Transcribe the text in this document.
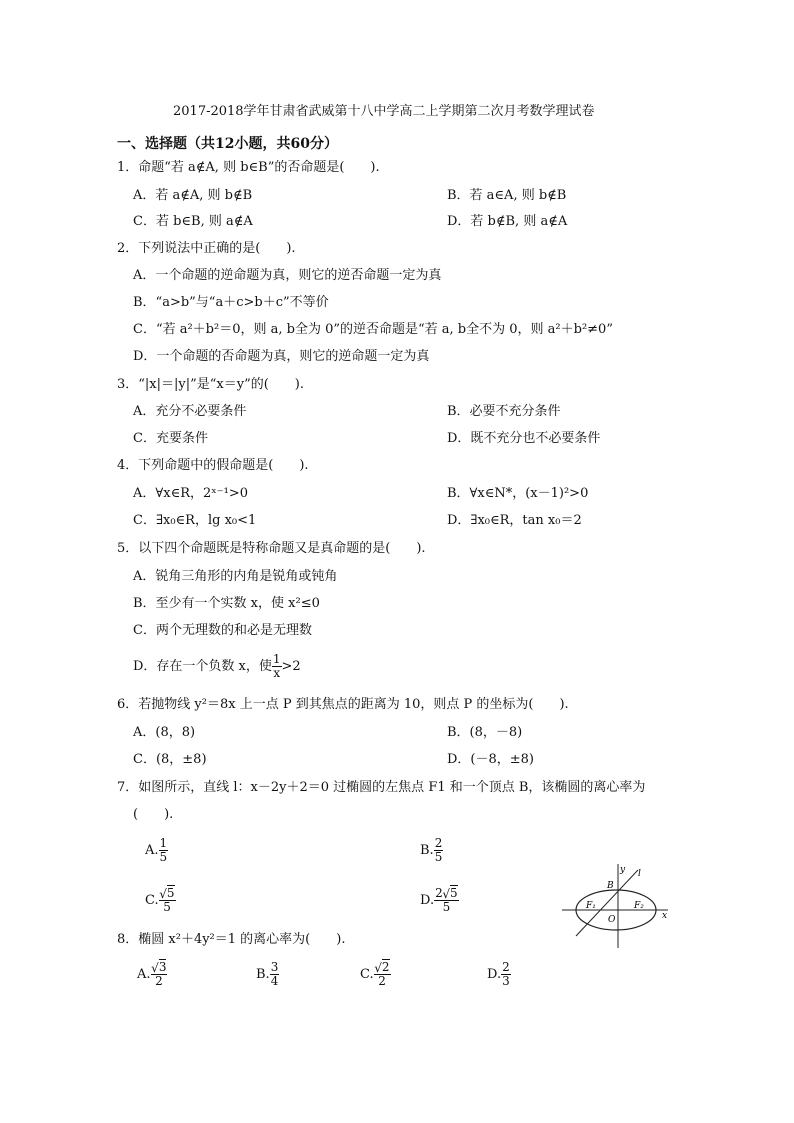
2017-2018学年甘肃省武威第十八中学高二上学期第二次月考数学理试卷
一、选择题（共12小题，共60分）
1．命题“若 a∉A, 则 b∈B”的否命题是(　　).
A．若 a∉A, 则 b∉B	B．若 a∈A, 则 b∉B
C．若 b∈B, 则 a∉A	D．若 b∉B, 则 a∉A
2．下列说法中正确的是(　　).
A．一个命题的逆命题为真，则它的逆否命题一定为真
B．“a>b”与“a＋c>b＋c”不等价
C．“若 a²＋b²＝0，则 a, b全为 0”的逆否命题是“若 a, b全不为 0，则 a²＋b²≠0”
D．一个命题的否命题为真，则它的逆命题一定为真
3．“|x|＝|y|”是“x＝y”的(　　).
A．充分不必要条件	B．必要不充分条件
C．充要条件	D．既不充分也不必要条件
4．下列命题中的假命题是(　　).
A．∀x∈R，2ˣ⁻¹>0	B．∀x∈N*，(x－1)²>0
C．∃x₀∈R，lg x₀<1	D．∃x₀∈R，tan x₀＝2
5．以下四个命题既是特称命题又是真命题的是(　　).
A．锐角三角形的内角是锐角或钝角
B．至少有一个实数 x，使 x²≤0
C．两个无理数的和必是无理数
D．存在一个负数 x，使 $\frac{1}{x} >2$
6．若抛物线 y²＝8x 上一点 P 到其焦点的距离为 10，则点 P 的坐标为(　　).
A．(8，8)	B．(8，－8)
C．(8，±8)	D．(－8，±8)
7．如图所示，直线 l：x－2y＋2＝0 过椭圆的左焦点 F1 和一个顶点 B，该椭圆的离心率为
(　　).
A. $\frac{1}{5}$	B. $\frac{2}{5}$
C. √ $\frac{5}{5}$	D. $\frac{2 √ 5}{5}$
y
x
O
F₁	F₂
B
l
8．椭圆 x²＋4y²＝1 的离心率为(　　).
A. √ $\frac{3}{2}$	B. $\frac{3}{4}$	C. √ $\frac{2}{2}$	D. $\frac{2}{3}$
